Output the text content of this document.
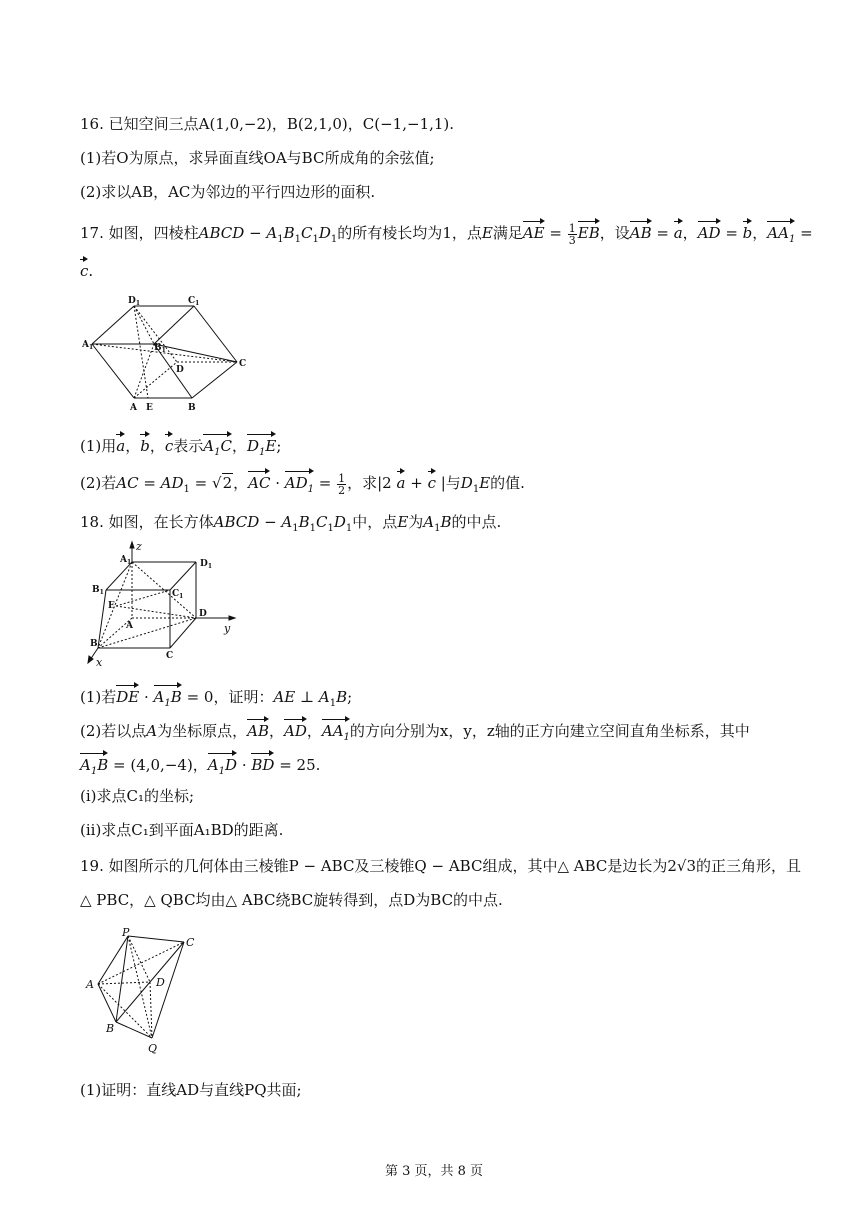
16. 已知空间三点A(1,0,−2)，B(2,1,0)，C(−1,−1,1).
(1)若O为原点，求异面直线OA与BC所成角的余弦值;
(2)求以AB，AC为邻边的平行四边形的面积.
17. 如图，四棱柱ABCD − $A_1B_1C_1D_1$的所有棱长均为1，点E满足AE = $\frac{1}{3}$ EB，设AB = a，AD = b，$AA_1$ =
c.
$A_1$
$D_1$	$C_1$
$B_1$
D
C
A E	B
(1)用a，b，c表示$A_1C$，$D_1E$;
(2)若AC = $AD_1 = √2$，AC · $AD_1 = \frac{1}{2}$ ，求|2 a + c |与$D_1E$的值.
18. 如图，在长方体ABCD − $A_1B_1C_1D_1$中，点E为$A_1B$的中点.
$A_1$
z
$D_1$
$B_1$	$C_1$
E
A
D
y
B
C
x
(1)若DE · $A_1B = 0$，证明：AE ⊥ $A_1B$;
(2)若以点A为坐标原点，AB，AD，$AA_1$的方向分别为x，y，z轴的正方向建立空间直角坐标系，其中
$A_1B = (4,0,-4)$，$A_1D$ · BD = 25.
(i)求点C₁的坐标;
(ii)求点C₁到平面A₁BD的距离.
19. 如图所示的几何体由三棱锥P − ABC及三棱锥Q − ABC组成，其中△ ABC是边长为2√3的正三角形，且
△ PBC，△ QBC均由△ ABC绕BC旋转得到，点D为BC的中点.
P
C
A	D
B
Q
(1)证明：直线AD与直线PQ共面;
第 3 页，共 8 页
